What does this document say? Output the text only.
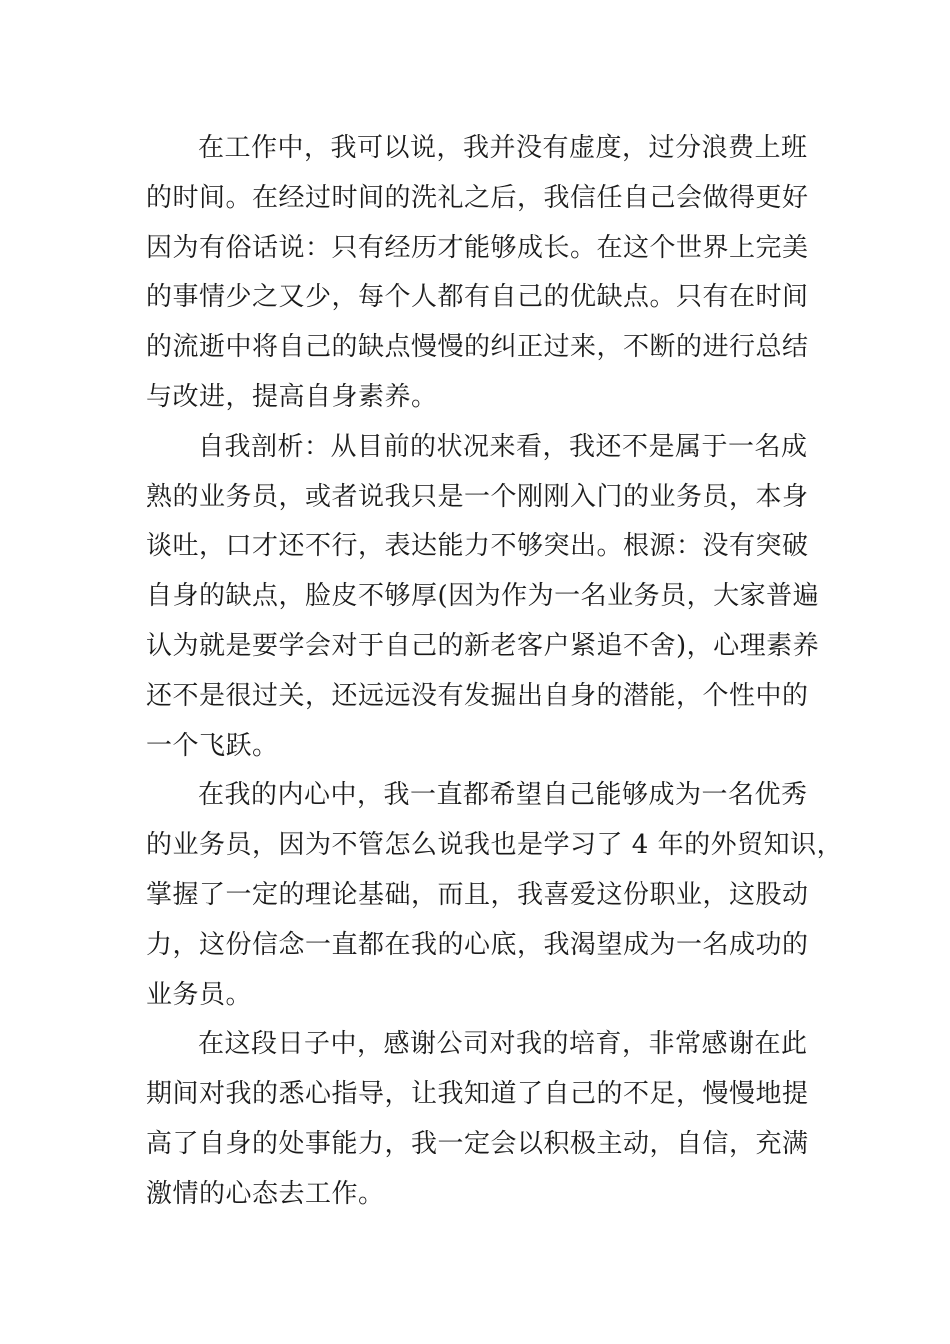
在工作中，我可以说，我并没有虚度，过分浪费上班
的时间。在经过时间的洗礼之后，我信任自己会做得更好
因为有俗话说：只有经历才能够成长。在这个世界上完美
的事情少之又少，每个人都有自己的优缺点。只有在时间
的流逝中将自己的缺点慢慢的纠正过来，不断的进行总结
与改进，提高自身素养。
自我剖析：从目前的状况来看，我还不是属于一名成
熟的业务员，或者说我只是一个刚刚入门的业务员，本身
谈吐，口才还不行，表达能力不够突出。根源：没有突破
自身的缺点，脸皮不够厚(因为作为一名业务员，大家普遍
认为就是要学会对于自己的新老客户紧追不舍)，心理素养
还不是很过关，还远远没有发掘出自身的潜能，个性中的
一个飞跃。
在我的内心中，我一直都希望自己能够成为一名优秀
的业务员，因为不管怎么说我也是学习了 4 年的外贸知识，
掌握了一定的理论基础，而且，我喜爱这份职业，这股动
力，这份信念一直都在我的心底，我渴望成为一名成功的
业务员。
在这段日子中，感谢公司对我的培育，非常感谢在此
期间对我的悉心指导，让我知道了自己的不足，慢慢地提
高了自身的处事能力，我一定会以积极主动，自信，充满
激情的心态去工作。
